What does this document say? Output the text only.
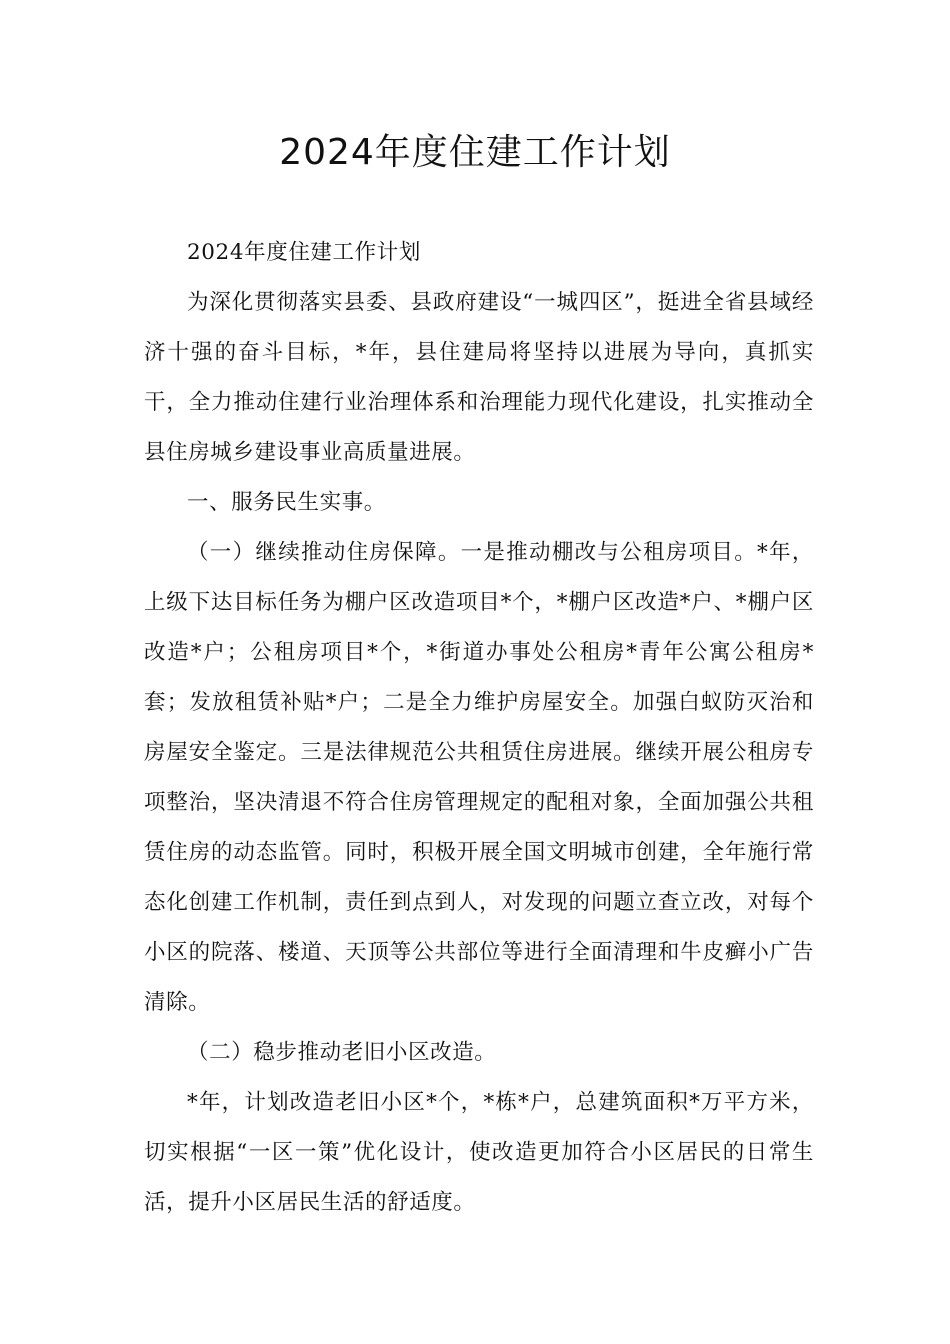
2024年度住建工作计划

2024年度住建工作计划

为深化贯彻落实县委、县政府建设“一城四区”，挺进全省县域经济十强的奋斗目标，*年，县住建局将坚持以进展为导向，真抓实干，全力推动住建行业治理体系和治理能力现代化建设，扎实推动全县住房城乡建设事业高质量进展。

一、服务民生实事。

（一）继续推动住房保障。一是推动棚改与公租房项目。*年，上级下达目标任务为棚户区改造项目*个，*棚户区改造*户、*棚户区改造*户；公租房项目*个，*街道办事处公租房*青年公寓公租房*套；发放租赁补贴*户；二是全力维护房屋安全。加强白蚁防灭治和房屋安全鉴定。三是法律规范公共租赁住房进展。继续开展公租房专项整治，坚决清退不符合住房管理规定的配租对象，全面加强公共租赁住房的动态监管。同时，积极开展全国文明城市创建，全年施行常态化创建工作机制，责任到点到人，对发现的问题立查立改，对每个小区的院落、楼道、天顶等公共部位等进行全面清理和牛皮癣小广告清除。

（二）稳步推动老旧小区改造。

*年，计划改造老旧小区*个，*栋*户，总建筑面积*万平方米，切实根据“一区一策”优化设计，使改造更加符合小区居民的日常生活，提升小区居民生活的舒适度。
